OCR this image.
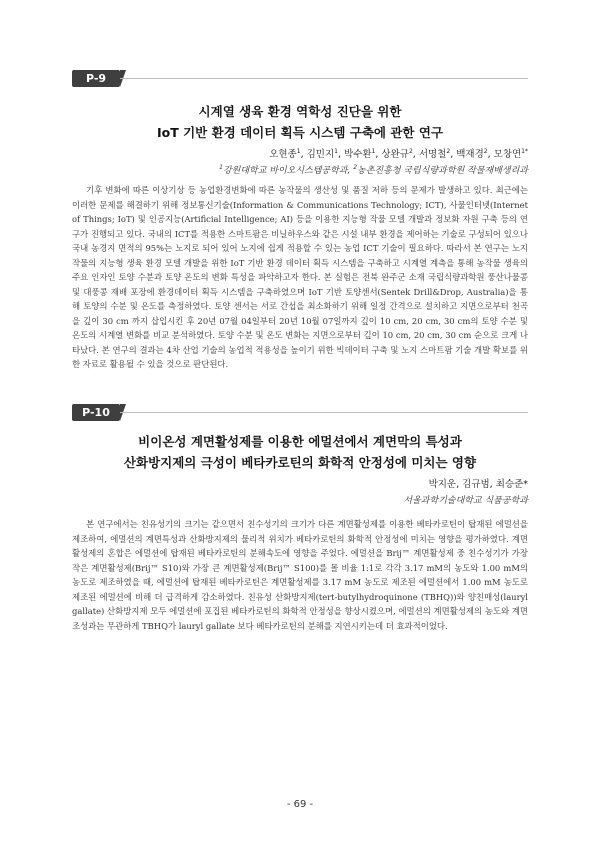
P-9
시계열 생육 환경 역학성 진단을 위한
IoT 기반 환경 데이터 획득 시스템 구축에 관한 연구
오현종$^1$, 김민지$^1$, 박수환$^1$, 상완규$^2$, 서명철$^2$, 백재경$^2$, 모창연$^{1*}$
$^1$강원대학교 바이오시스템공학과, $^2$농촌진흥청 국립식량과학원 작물재배생리과

기후 변화에 따른 이상기상 등 농업환경변화에 따른 농작물의 생산성 및 품질 저하 등의 문제가 발생하고 있다. 최근에는 이러한 문제를 해결하기 위해 정보통신기술(Information & Communications Technology; ICT), 사물인터넷(Internet of Things; IoT) 및 인공지능(Artificial Intelligence; AI) 등을 이용한 지능형 작물 모델 개발과 정보화 자원 구축 등의 연구가 진행되고 있다. 국내의 ICT를 적용한 스마트팜은 비닐하우스와 같은 시설 내부 환경을 제어하는 기술로 구성되어 있으나 국내 농경지 면적의 95%는 노지로 되어 있어 노지에 쉽게 적용할 수 있는 농업 ICT 기술이 필요하다. 따라서 본 연구는 노지 작물의 지능형 생육 환경 모델 개발을 위한 IoT 기반 환경 데이터 획득 시스템을 구축하고 시계열 계측을 통해 농작물 생육의 주요 인자인 토양 수분과 토양 온도의 변화 특성을 파악하고자 한다. 본 실험은 전북 완주군 소재 국립식량과학원 풍산나물콩 및 대풍콩 재배 포장에 환경데이터 획득 시스템을 구축하였으며 IoT 기반 토양센서(Sentek Drill&Drop, Australia)을 통해 토양의 수분 및 온도를 측정하였다. 토양 센서는 서로 간섭을 최소화하기 위해 일정 간격으로 설치하고 지면으로부터 천곡을 깊이 30 cm 까지 삽입시킨 후 20년 07월 04일부터 20년 10월 07일까지 깊이 10 cm, 20 cm, 30 cm의 토양 수분 및 온도의 시계열 변화를 비교 분석하였다. 토양 수분 및 온도 변화는 지면으로부터 깊이 10 cm, 20 cm, 30 cm 순으로 크게 나타났다. 본 연구의 결과는 4차 산업 기술의 농업적 적용성을 높이기 위한 빅데이터 구축 및 노지 스마트팜 기술 개발 확보를 위한 자료로 활용될 수 있을 것으로 판단된다.

P-10
비이온성 계면활성제를 이용한 에멀션에서 계면막의 특성과
산화방지제의 극성이 베타카로틴의 화학적 안정성에 미치는 영향
박지운, 김규범, 최승준*
서울과학기술대학교 식품공학과

본 연구에서는 친유성기의 크기는 같으면서 친수성기의 크기가 다른 계면활성제를 이용한 베타카로틴이 탑재된 에멀션을 제조하여, 에멀션의 계면특성과 산화방지제의 물리적 위치가 베타카로틴의 화학적 안정성에 미치는 영향을 평가하였다. 계면활성제의 혼합은 에멀션에 탑재된 베타카로틴의 분해속도에 영향을 주었다. 에멀션을 Brij™ 계면활성제 중 친수성기가 가장 작은 계면활성제(Brij™ S10)와 가장 큰 계면활성제(Brij™ S100)를 몰 비율 1:1로 각각 3.17 mM의 농도와 1.00 mM의 농도로 제조하였을 때, 에멀션에 탑재된 베타카로틴은 계면활성제를 3.17 mM 농도로 제조된 에멀션에서 1.00 mM 농도로 제조된 에멀션에 비해 더 급격하게 감소하였다. 친유성 산화방지제(tert-butylhydroquinone (TBHQ))와 양친매성(lauryl gallate) 산화방지제 모두 에멀션에 포집된 베타카로틴의 화학적 안정성을 향상시켰으며, 에멀션의 계면활성제의 농도와 계면 조성과는 무관하게 TBHQ가 lauryl gallate 보다 베타카로틴의 분해를 지연시키는데 더 효과적이었다.

- 69 -
